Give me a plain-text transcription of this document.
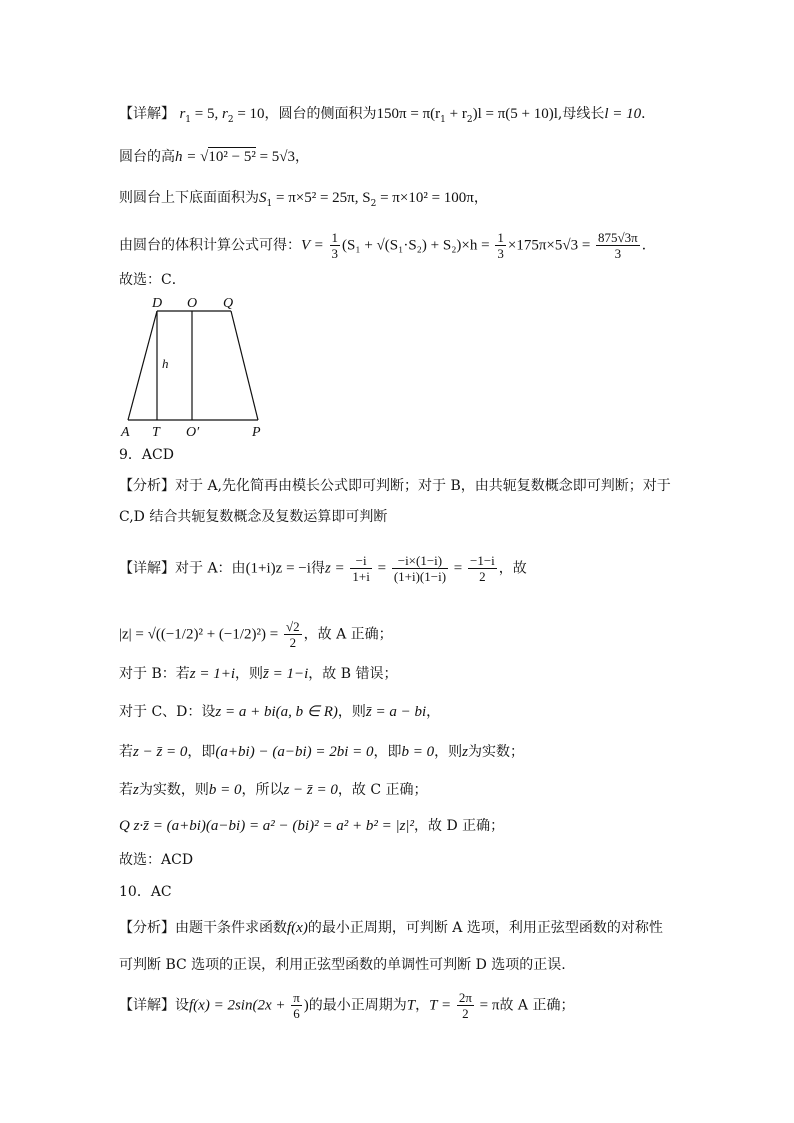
【详解】 $r_1 = 5$, $r_2 = 10$，圆台的侧面积为$150\pi = \pi(r_1 + r_2)l = \pi(5 + 10)l$,母线长l = 10．
圆台的高h = √10² − 5² = 5√3，
则圆台上下底面面积为$S_1 = \pi\times 5^2 = 25\pi$, $S_2 = \pi\times 10^2 = 100\pi$，
由圆台的体积计算公式可得：$V = \frac{1}{3} (S_1 + √(S_1\cdot S_2) + S_2)\times h = \frac{1}{3} \times 175\pi\times 5√3 = \frac{875√3\pi}{3}$ ．
故选：C．
D O Q
h
A T O′	P
9．ACD
【分析】对于 A,先化简再由模长公式即可判断；对于 B，由共轭复数概念即可判断；对于
C,D 结合共轭复数概念及复数运算即可判断
【详解】对于 A：由(1+i)z = −i得$z = \frac{-i}{1+i} = \frac{-i\times(1-i)}{(1+i)(1-i)} = \frac{-1-i}{2}$ ，故
$|z| = √((-1/2)^2 + (-1/2)^2) = \frac{√2}{2}$ ，故 A 正确；
对于 B：若z = 1+i，则z̄ = 1−i，故 B 错误；
对于 C、D：设z = a + bi(a, b ∈ R)，则z̄ = a − bi，
若z − z̄ = 0，即(a+bi) − (a−bi) = 2bi = 0，即b = 0，则z为实数；
若z为实数，则b = 0，所以z − z̄ = 0，故 C 正确；
Q z·z̄ = (a+bi)(a−bi) = a² − (bi)² = a² + b² = |z|²，故 D 正确；
故选：ACD
10．AC
【分析】由题干条件求函数f(x)的最小正周期，可判断 A 选项，利用正弦型函数的对称性
可判断 BC 选项的正误，利用正弦型函数的单调性可判断 D 选项的正误.
【详解】设$f(x) = 2\sin(2x + \frac{\pi}{6}$ )的最小正周期为T，$T = \frac{2\pi}{2} = \pi$故 A 正确；
